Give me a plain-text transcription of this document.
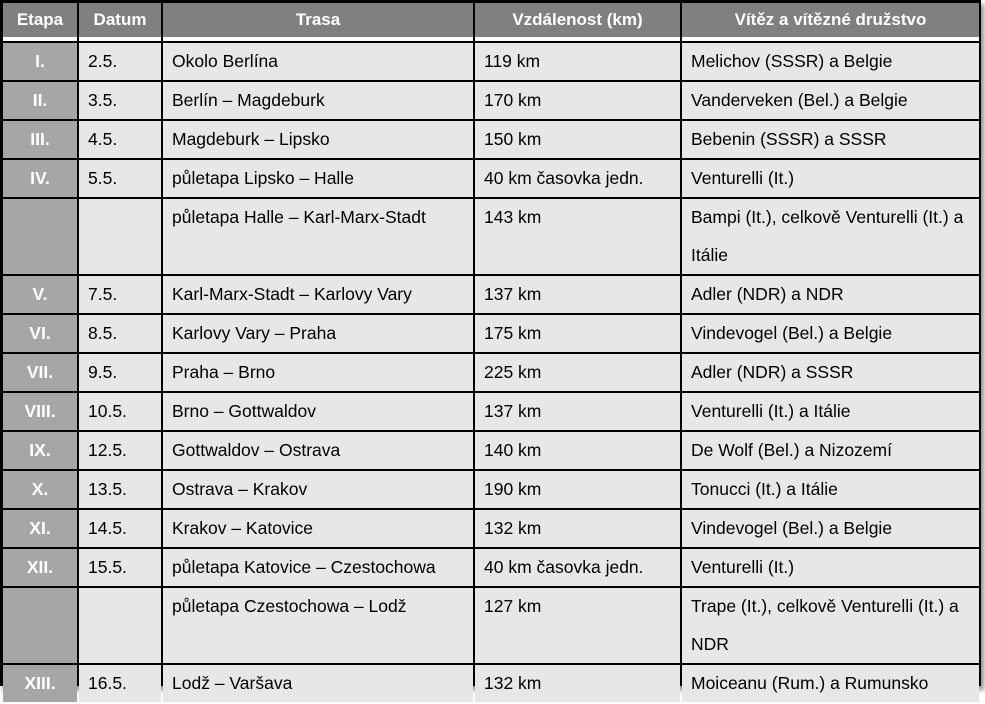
Etapa	Datum	Trasa	Vzdálenost (km)	Vítěz a vítězné družstvo
I.	2.5.	Okolo Berlína	119 km	Melichov (SSSR) a Belgie
II.	3.5.	Berlín – Magdeburk	170 km	Vanderveken (Bel.) a Belgie
III.	4.5.	Magdeburk – Lipsko	150 km	Bebenin (SSSR) a SSSR
IV.	5.5.	půletapa Lipsko – Halle	40 km časovka jedn.	Venturelli (It.)
		půletapa Halle – Karl-Marx-Stadt	143 km	Bampi (It.), celkově Venturelli (It.) a Itálie
V.	7.5.	Karl-Marx-Stadt – Karlovy Vary	137 km	Adler (NDR) a NDR
VI.	8.5.	Karlovy Vary – Praha	175 km	Vindevogel (Bel.) a Belgie
VII.	9.5.	Praha – Brno	225 km	Adler (NDR) a SSSR
VIII.	10.5.	Brno – Gottwaldov	137 km	Venturelli (It.) a Itálie
IX.	12.5.	Gottwaldov – Ostrava	140 km	De Wolf (Bel.) a Nizozemí
X.	13.5.	Ostrava – Krakov	190 km	Tonucci (It.) a Itálie
XI.	14.5.	Krakov – Katovice	132 km	Vindevogel (Bel.) a Belgie
XII.	15.5.	půletapa Katovice – Czestochowa	40 km časovka jedn.	Venturelli (It.)
		půletapa Czestochowa – Lodž	127 km	Trape (It.), celkově Venturelli (It.) a NDR
XIII.	16.5.	Lodž – Varšava	132 km	Moiceanu (Rum.) a Rumunsko
